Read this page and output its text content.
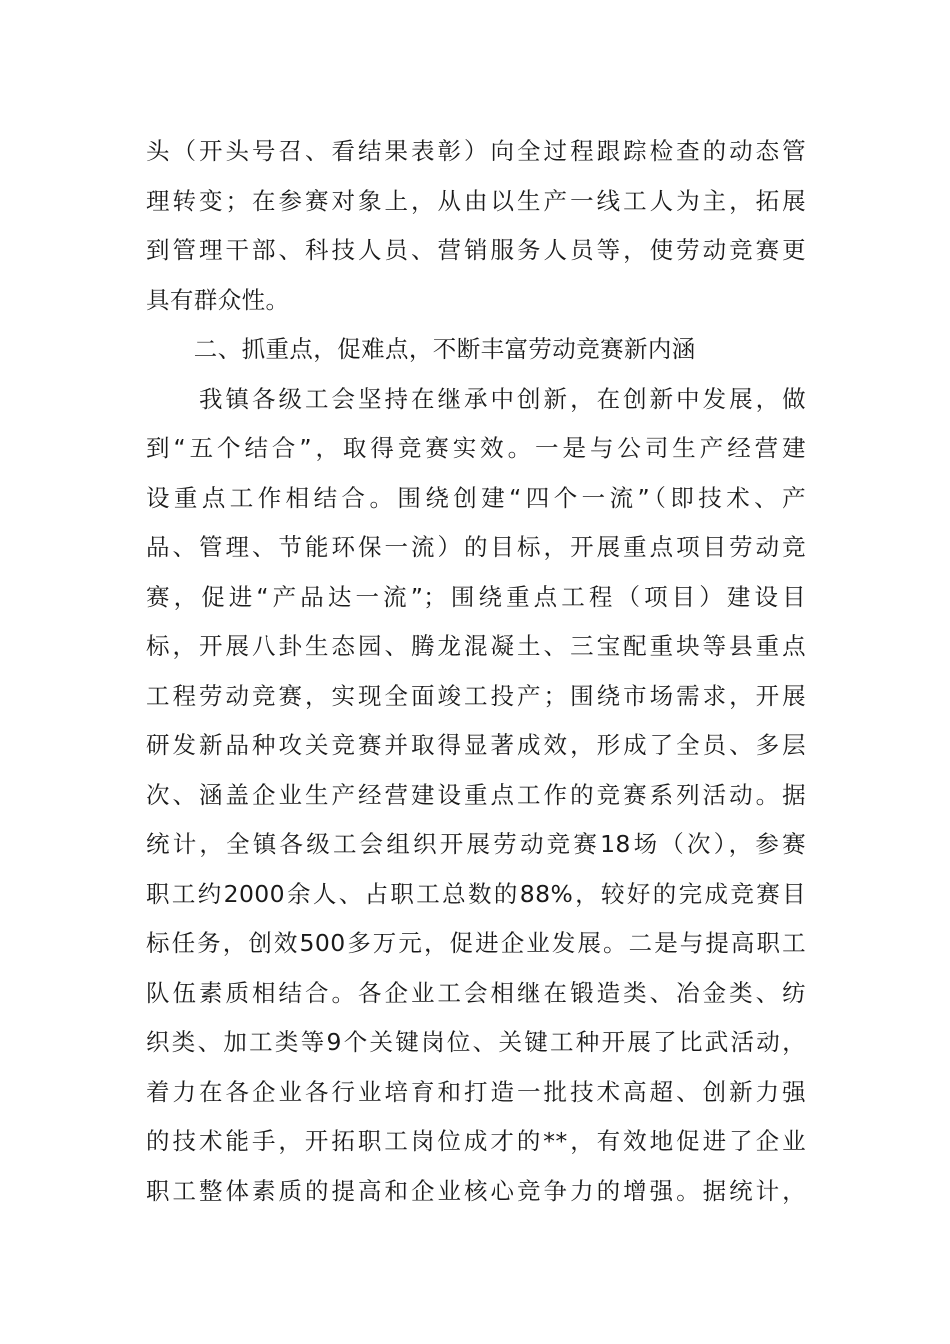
头（开头号召、看结果表彰）向全过程跟踪检查的动态管
理转变；在参赛对象上，从由以生产一线工人为主，拓展
到管理干部、科技人员、营销服务人员等，使劳动竞赛更
具有群众性。
　　二、抓重点，促难点，不断丰富劳动竞赛新内涵
　　我镇各级工会坚持在继承中创新，在创新中发展，做
到“五个结合”，取得竞赛实效。一是与公司生产经营建
设重点工作相结合。围绕创建“四个一流”（即技术、产
品、管理、节能环保一流）的目标，开展重点项目劳动竞
赛，促进“产品达一流”；围绕重点工程（项目）建设目
标，开展八卦生态园、腾龙混凝土、三宝配重块等县重点
工程劳动竞赛，实现全面竣工投产；围绕市场需求，开展
研发新品种攻关竞赛并取得显著成效，形成了全员、多层
次、涵盖企业生产经营建设重点工作的竞赛系列活动。据
统计，全镇各级工会组织开展劳动竞赛18场（次），参赛
职工约2000余人、占职工总数的88%，较好的完成竞赛目
标任务，创效500多万元，促进企业发展。二是与提高职工
队伍素质相结合。各企业工会相继在锻造类、冶金类、纺
织类、加工类等9个关键岗位、关键工种开展了比武活动，
着力在各企业各行业培育和打造一批技术高超、创新力强
的技术能手，开拓职工岗位成才的**，有效地促进了企业
职工整体素质的提高和企业核心竞争力的增强。据统计，
